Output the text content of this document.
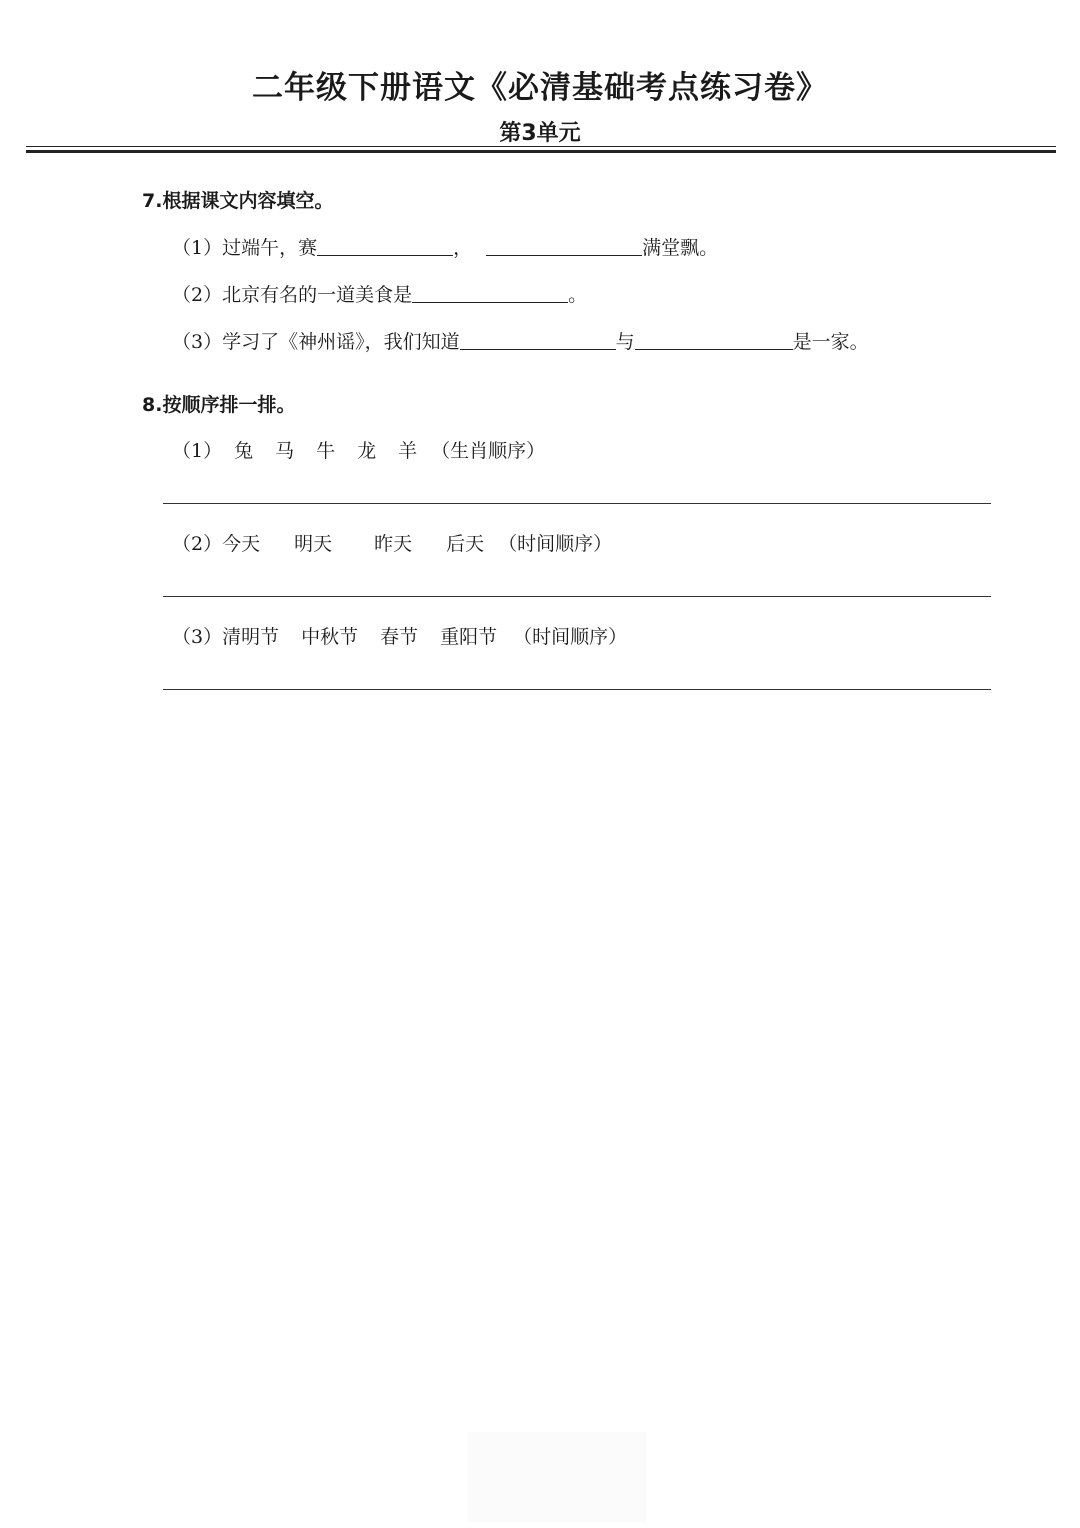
二年级下册语文《必清基础考点练习卷》
第3单元
7.根据课文内容填空。
（1）过端午，赛	，	满堂飘。
（2）北京有名的一道美食是	。
（3）学习了《神州谣》，我们知道	与	是一家。
8.按顺序排一排。
（1） 兔 马 牛 龙 羊 （生肖顺序）
（2）今天 明天 昨天 后天 （时间顺序）
（3）清明节 中秋节 春节 重阳节 （时间顺序）
